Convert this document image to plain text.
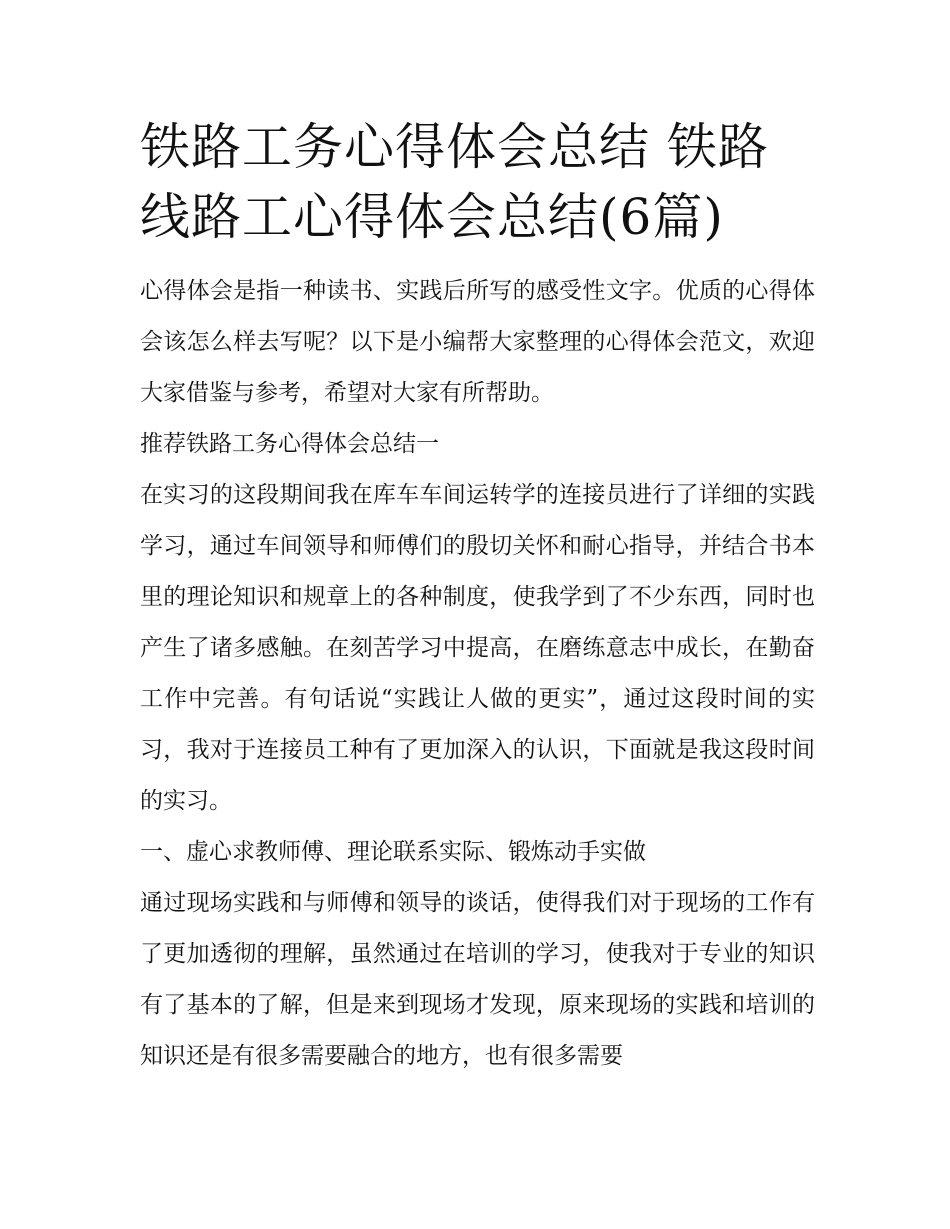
铁路工务心得体会总结 铁路线路工心得体会总结(6篇)

心得体会是指一种读书、实践后所写的感受性文字。优质的心得体会该怎么样去写呢？以下是小编帮大家整理的心得体会范文，欢迎大家借鉴与参考，希望对大家有所帮助。

推荐铁路工务心得体会总结一

在实习的这段期间我在库车车间运转学的连接员进行了详细的实践学习，通过车间领导和师傅们的殷切关怀和耐心指导，并结合书本里的理论知识和规章上的各种制度，使我学到了不少东西，同时也产生了诸多感触。在刻苦学习中提高，在磨练意志中成长，在勤奋工作中完善。有句话说“实践让人做的更实”，通过这段时间的实习，我对于连接员工种有了更加深入的认识，下面就是我这段时间的实习。

一、虚心求教师傅、理论联系实际、锻炼动手实做

通过现场实践和与师傅和领导的谈话，使得我们对于现场的工作有了更加透彻的理解，虽然通过在培训的学习，使我对于专业的知识有了基本的了解，但是来到现场才发现，原来现场的实践和培训的知识还是有很多需要融合的地方，也有很多需要
